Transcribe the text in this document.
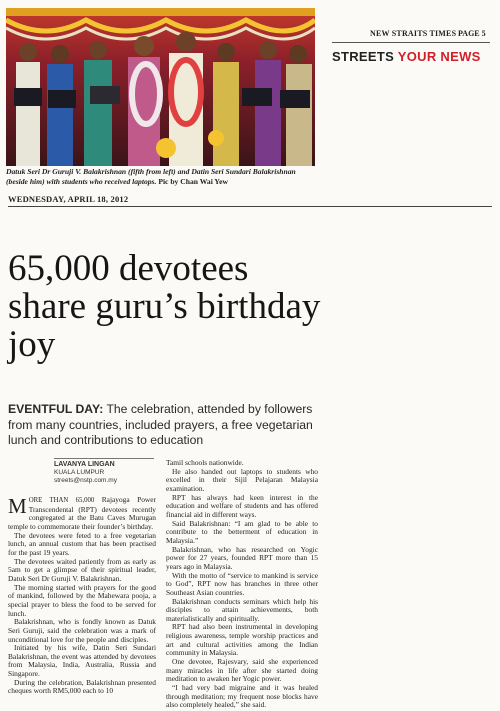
Datuk Seri Dr Guruji V. Balakrishnan (fifth from left) and Datin Seri Sundari Balakrishnan (beside him) with students who received laptops. Pic by Chan Wai Yew
NEW STRAITS TIMES PAGE 5
STREETS YOUR NEWS
WEDNESDAY, APRIL 18, 2012
65,000 devotees share guru’s birthday joy
EVENTFUL DAY: The celebration, attended by followers from many countries, included prayers, a free vegetarian lunch and contributions to education
LAVANYA LINGAN
KUALA LUMPUR
streets@nstp.com.my

MORE THAN 65,000 Rajayoga Power Transcendental (RPT) devotees recently congregated at the Batu Caves Murugan temple to commemorate their founder’s birthday.

The devotees were feted to a free vegetarian lunch, an annual custom that has been practised for the past 19 years.

The devotees waited patiently from as early as 5am to get a glimpse of their spiritual leader, Datuk Seri Dr Guruji V. Balakrishnan.

The morning started with prayers for the good of mankind, followed by the Mahewara pooja, a special prayer to bless the food to be served for lunch.

Balakrishnan, who is fondly known as Datuk Seri Guruji, said the celebration was a mark of unconditional love for the people and disciples.

Initiated by his wife, Datin Seri Sundari Balakrishnan, the event was attended by devotees from Malaysia, India, Australia, Russia and Singapore.

During the celebration, Balakrishnan presented cheques worth RM5,000 each to 10

Tamil schools nationwide.

He also handed out laptops to students who excelled in their Sijil Pelajaran Malaysia examination.

RPT has always had keen interest in the education and welfare of students and has offered financial aid in different ways.

Said Balakrishnan: “I am glad to be able to contribute to the betterment of education in Malaysia.”

Balakrishnan, who has researched on Yogic power for 27 years, founded RPT more than 15 years ago in Malaysia.

With the motto of “service to mankind is service to God”, RPT now has branches in three other Southeast Asian countries.

Balakrishnan conducts seminars which help his disciples to attain achievements, both materialistically and spiritually.

RPT had also been instrumental in developing religious awareness, temple worship practices and art and cultural activities among the Indian community in Malaysia.

One devotee, Rajesvary, said she experienced many miracles in life after she started doing meditation to awaken her Yogic power.

“I had very bad migraine and it was healed through meditation; my frequent nose blocks have also completely healed,” she said.
